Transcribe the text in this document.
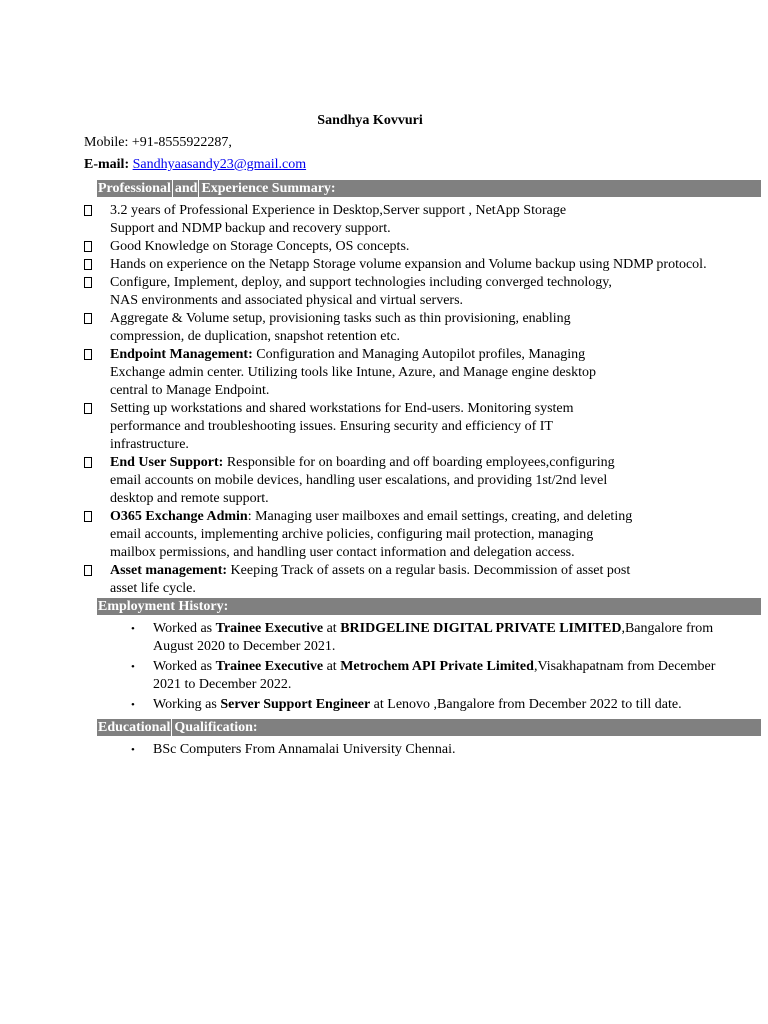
Sandhya Kovvuri
Mobile: +91-8555922287,
E-mail: Sandhyaasandy23@gmail.com
Professional and Experience Summary:
3.2 years of Professional Experience in Desktop,Server support , NetApp Storage
Support and NDMP backup and recovery support.
Good Knowledge on Storage Concepts, OS concepts.
Hands on experience on the Netapp Storage volume expansion and Volume backup using NDMP protocol.
Configure, Implement, deploy, and support technologies including converged technology,
NAS environments and associated physical and virtual servers.
Aggregate & Volume setup, provisioning tasks such as thin provisioning, enabling
compression, de duplication, snapshot retention etc.
Endpoint Management: Configuration and Managing Autopilot profiles, Managing
Exchange admin center. Utilizing tools like Intune, Azure, and Manage engine desktop
central to Manage Endpoint.
Setting up workstations and shared workstations for End-users. Monitoring system
performance and troubleshooting issues. Ensuring security and efficiency of IT
infrastructure.
End User Support: Responsible for on boarding and off boarding employees,configuring
email accounts on mobile devices, handling user escalations, and providing 1st/2nd level
desktop and remote support.
O365 Exchange Admin: Managing user mailboxes and email settings, creating, and deleting
email accounts, implementing archive policies, configuring mail protection, managing
mailbox permissions, and handling user contact information and delegation access.
Asset management: Keeping Track of assets on a regular basis. Decommission of asset post
asset life cycle.
Employment History:
• Worked as Trainee Executive at BRIDGELINE DIGITAL PRIVATE LIMITED,Bangalore from
August 2020 to December 2021.
• Worked as Trainee Executive at Metrochem API Private Limited,Visakhapatnam from December
2021 to December 2022.
• Working as Server Support Engineer at Lenovo ,Bangalore from December 2022 to till date.
Educational Qualification:
• BSc Computers From Annamalai University Chennai.
